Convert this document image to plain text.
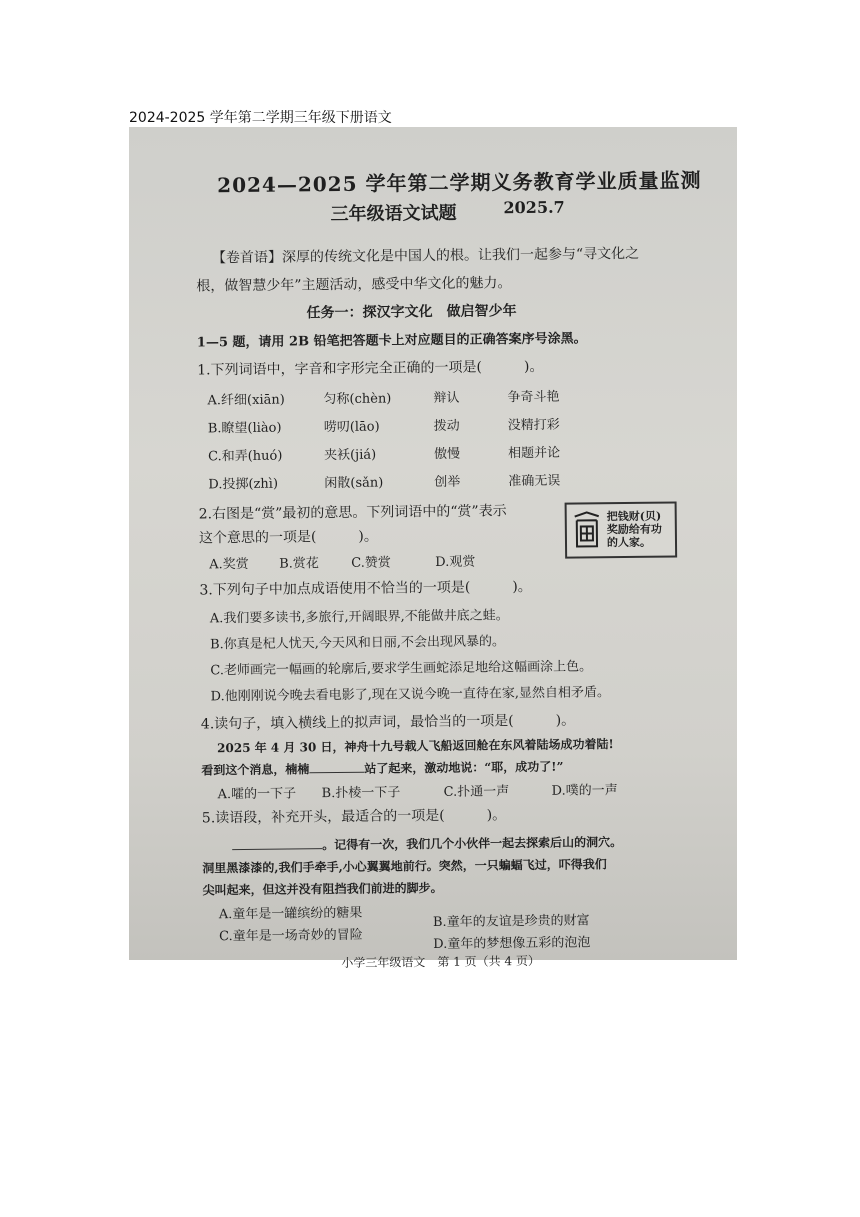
2024-2025 学年第二学期三年级下册语文
2024—2025 学年第二学期义务教育学业质量监测
三年级语文试题	2025.7
【卷首语】深厚的传统文化是中国人的根。让我们一起参与“寻文化之
根，做智慧少年”主题活动，感受中华文化的魅力。
任务一：探汉字文化　做启智少年
1—5 题，请用 2B 铅笔把答题卡上对应题目的正确答案序号涂黑。
1.下列词语中，字音和字形完全正确的一项是(　　　)。
A.纤细(xiān)	匀称(chèn)	辩认	争奇斗艳
B.瞭望(liào)	唠叨(lāo)	拨动	没精打彩
C.和弄(huó)	夹袄(jiá)	傲慢	相题并论
D.投掷(zhì)	闲散(sǎn)	创举	准确无误
2.右图是“赏”最初的意思。下列词语中的“赏”表示
这个意思的一项是(　　　)。
把钱财(贝)奖励给有功的人家。
A.奖赏 B.赏花 C.赞赏	D.观赏
3.下列句子中加点成语使用不恰当的一项是(　　　)。
A.我们要多读书,多旅行,开阔眼界,不能做井底之蛙。
B.你真是杞人忧天,今天风和日丽,不会出现风暴的。
C.老师画完一幅画的轮廓后,要求学生画蛇添足地给这幅画涂上色。
D.他刚刚说今晚去看电影了,现在又说今晚一直待在家,显然自相矛盾。
4.读句子，填入横线上的拟声词，最恰当的一项是(　　　)。
2025 年 4 月 30 日，神舟十九号载人飞船返回舱在东风着陆场成功着陆!
看到这个消息，楠楠	站了起来，激动地说：“耶，成功了!”
A.嚯的一下子 B.扑棱一下子	C.扑通一声	D.噗的一声
5.读语段，补充开头，最适合的一项是(　　　)。
。记得有一次，我们几个小伙伴一起去探索后山的洞穴。
洞里黑漆漆的,我们手牵手,小心翼翼地前行。突然，一只蝙蝠飞过，吓得我们
尖叫起来，但这并没有阻挡我们前进的脚步。
A.童年是一罐缤纷的糖果	B.童年的友谊是珍贵的财富
C.童年是一场奇妙的冒险	D.童年的梦想像五彩的泡泡
小学三年级语文　第 1 页（共 4 页）
